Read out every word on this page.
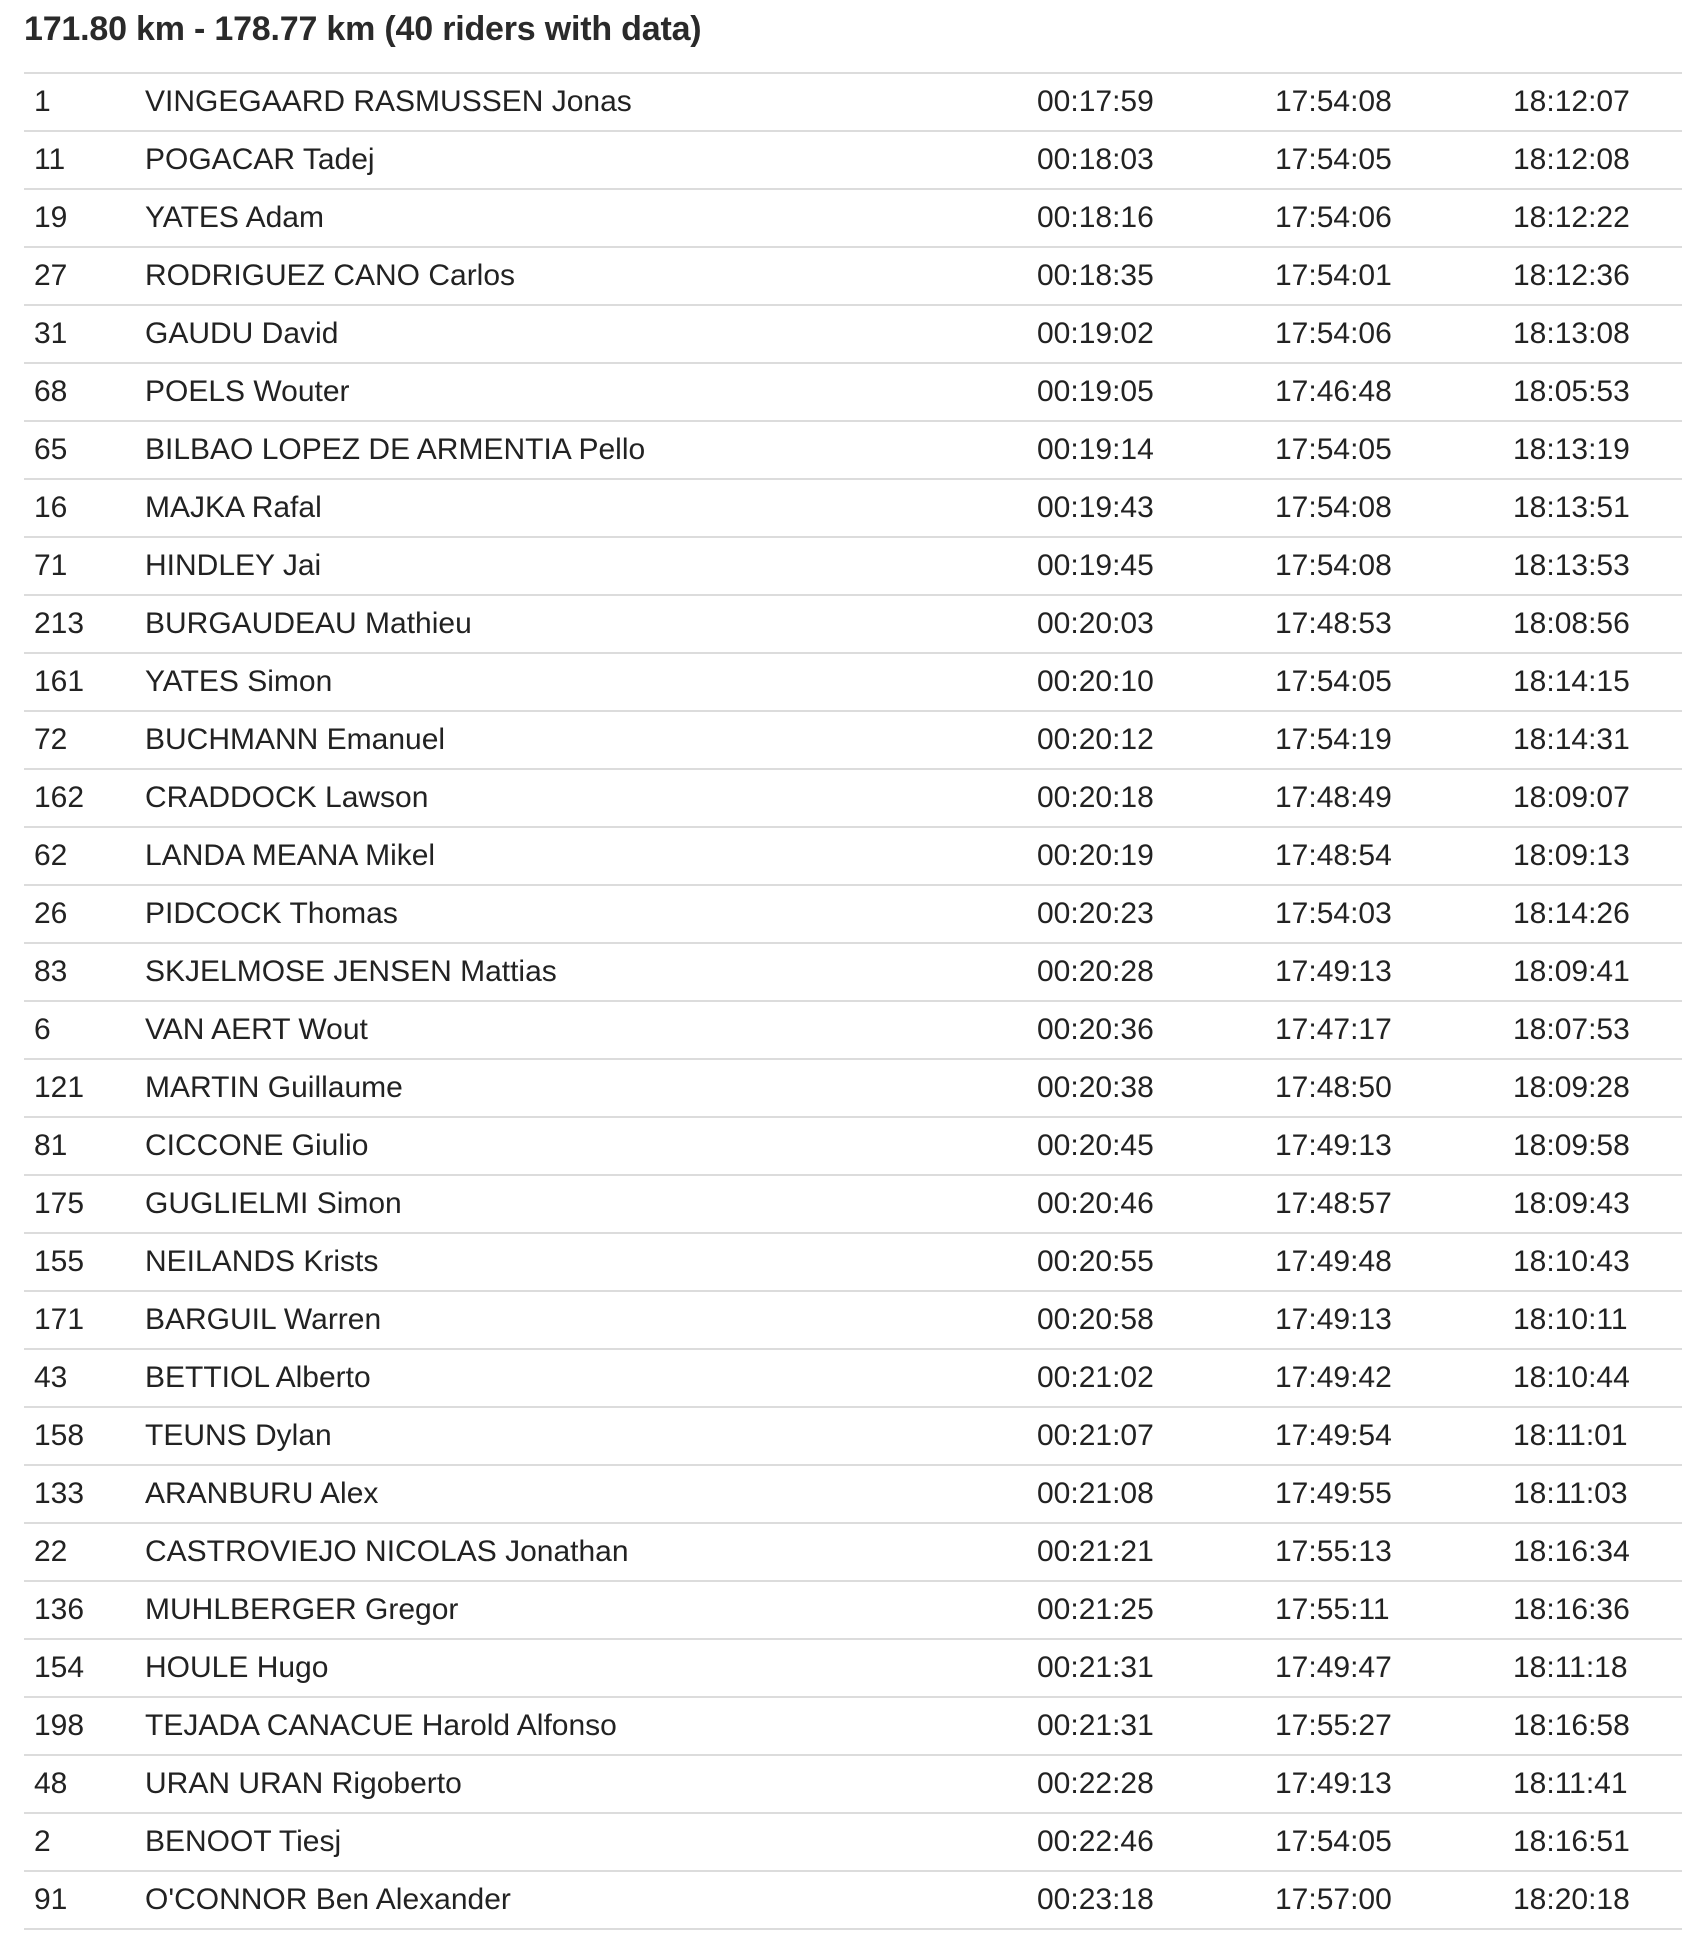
171.80 km - 178.77 km (40 riders with data)
1	VINGEGAARD RASMUSSEN Jonas	00:17:59	17:54:08	18:12:07
11	POGACAR Tadej	00:18:03	17:54:05	18:12:08
19	YATES Adam	00:18:16	17:54:06	18:12:22
27	RODRIGUEZ CANO Carlos	00:18:35	17:54:01	18:12:36
31	GAUDU David	00:19:02	17:54:06	18:13:08
68	POELS Wouter	00:19:05	17:46:48	18:05:53
65	BILBAO LOPEZ DE ARMENTIA Pello	00:19:14	17:54:05	18:13:19
16	MAJKA Rafal	00:19:43	17:54:08	18:13:51
71	HINDLEY Jai	00:19:45	17:54:08	18:13:53
213	BURGAUDEAU Mathieu	00:20:03	17:48:53	18:08:56
161	YATES Simon	00:20:10	17:54:05	18:14:15
72	BUCHMANN Emanuel	00:20:12	17:54:19	18:14:31
162	CRADDOCK Lawson	00:20:18	17:48:49	18:09:07
62	LANDA MEANA Mikel	00:20:19	17:48:54	18:09:13
26	PIDCOCK Thomas	00:20:23	17:54:03	18:14:26
83	SKJELMOSE JENSEN Mattias	00:20:28	17:49:13	18:09:41
6	VAN AERT Wout	00:20:36	17:47:17	18:07:53
121	MARTIN Guillaume	00:20:38	17:48:50	18:09:28
81	CICCONE Giulio	00:20:45	17:49:13	18:09:58
175	GUGLIELMI Simon	00:20:46	17:48:57	18:09:43
155	NEILANDS Krists	00:20:55	17:49:48	18:10:43
171	BARGUIL Warren	00:20:58	17:49:13	18:10:11
43	BETTIOL Alberto	00:21:02	17:49:42	18:10:44
158	TEUNS Dylan	00:21:07	17:49:54	18:11:01
133	ARANBURU Alex	00:21:08	17:49:55	18:11:03
22	CASTROVIEJO NICOLAS Jonathan	00:21:21	17:55:13	18:16:34
136	MUHLBERGER Gregor	00:21:25	17:55:11	18:16:36
154	HOULE Hugo	00:21:31	17:49:47	18:11:18
198	TEJADA CANACUE Harold Alfonso	00:21:31	17:55:27	18:16:58
48	URAN URAN Rigoberto	00:22:28	17:49:13	18:11:41
2	BENOOT Tiesj	00:22:46	17:54:05	18:16:51
91	O'CONNOR Ben Alexander	00:23:18	17:57:00	18:20:18
